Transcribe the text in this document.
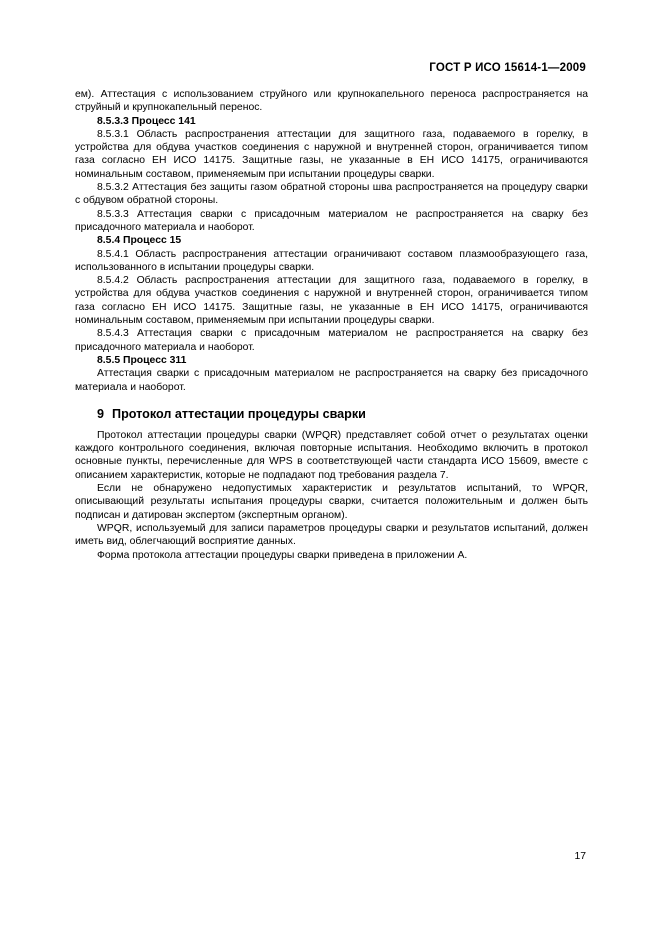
ГОСТ Р ИСО 15614-1—2009

ем). Аттестация с использованием струйного или крупнокапельного переноса распространяется на струйный и крупнокапельный перенос.

8.5.3.3 Процесс 141

8.5.3.1 Область распространения аттестации для защитного газа, подаваемого в горелку, в устройства для обдува участков соединения с наружной и внутренней сторон, ограничивается типом газа согласно ЕН ИСО 14175. Защитные газы, не указанные в ЕН ИСО 14175, ограничиваются номинальным составом, применяемым при испытании процедуры сварки.

8.5.3.2 Аттестация без защиты газом обратной стороны шва распространяется на процедуру сварки с обдувом обратной стороны.

8.5.3.3 Аттестация сварки с присадочным материалом не распространяется на сварку без присадочного материала и наоборот.

8.5.4 Процесс 15

8.5.4.1 Область распространения аттестации ограничивают составом плазмообразующего газа, использованного в испытании процедуры сварки.

8.5.4.2 Область распространения аттестации для защитного газа, подаваемого в горелку, в устройства для обдува участков соединения с наружной и внутренней сторон, ограничивается типом газа согласно ЕН ИСО 14175. Защитные газы, не указанные в ЕН ИСО 14175, ограничиваются номинальным составом, применяемым при испытании процедуры сварки.

8.5.4.3 Аттестация сварки с присадочным материалом не распространяется на сварку без присадочного материала и наоборот.

8.5.5 Процесс 311

Аттестация сварки с присадочным материалом не распространяется на сварку без присадочного материала и наоборот.

9 Протокол аттестации процедуры сварки

Протокол аттестации процедуры сварки (WPQR) представляет собой отчет о результатах оценки каждого контрольного соединения, включая повторные испытания. Необходимо включить в протокол основные пункты, перечисленные для WPS в соответствующей части стандарта ИСО 15609, вместе с описанием характеристик, которые не подпадают под требования раздела 7.

Если не обнаружено недопустимых характеристик и результатов испытаний, то WPQR, описывающий результаты испытания процедуры сварки, считается положительным и должен быть подписан и датирован экспертом (экспертным органом).

WPQR, используемый для записи параметров процедуры сварки и результатов испытаний, должен иметь вид, облегчающий восприятие данных.

Форма протокола аттестации процедуры сварки приведена в приложении А.

17
